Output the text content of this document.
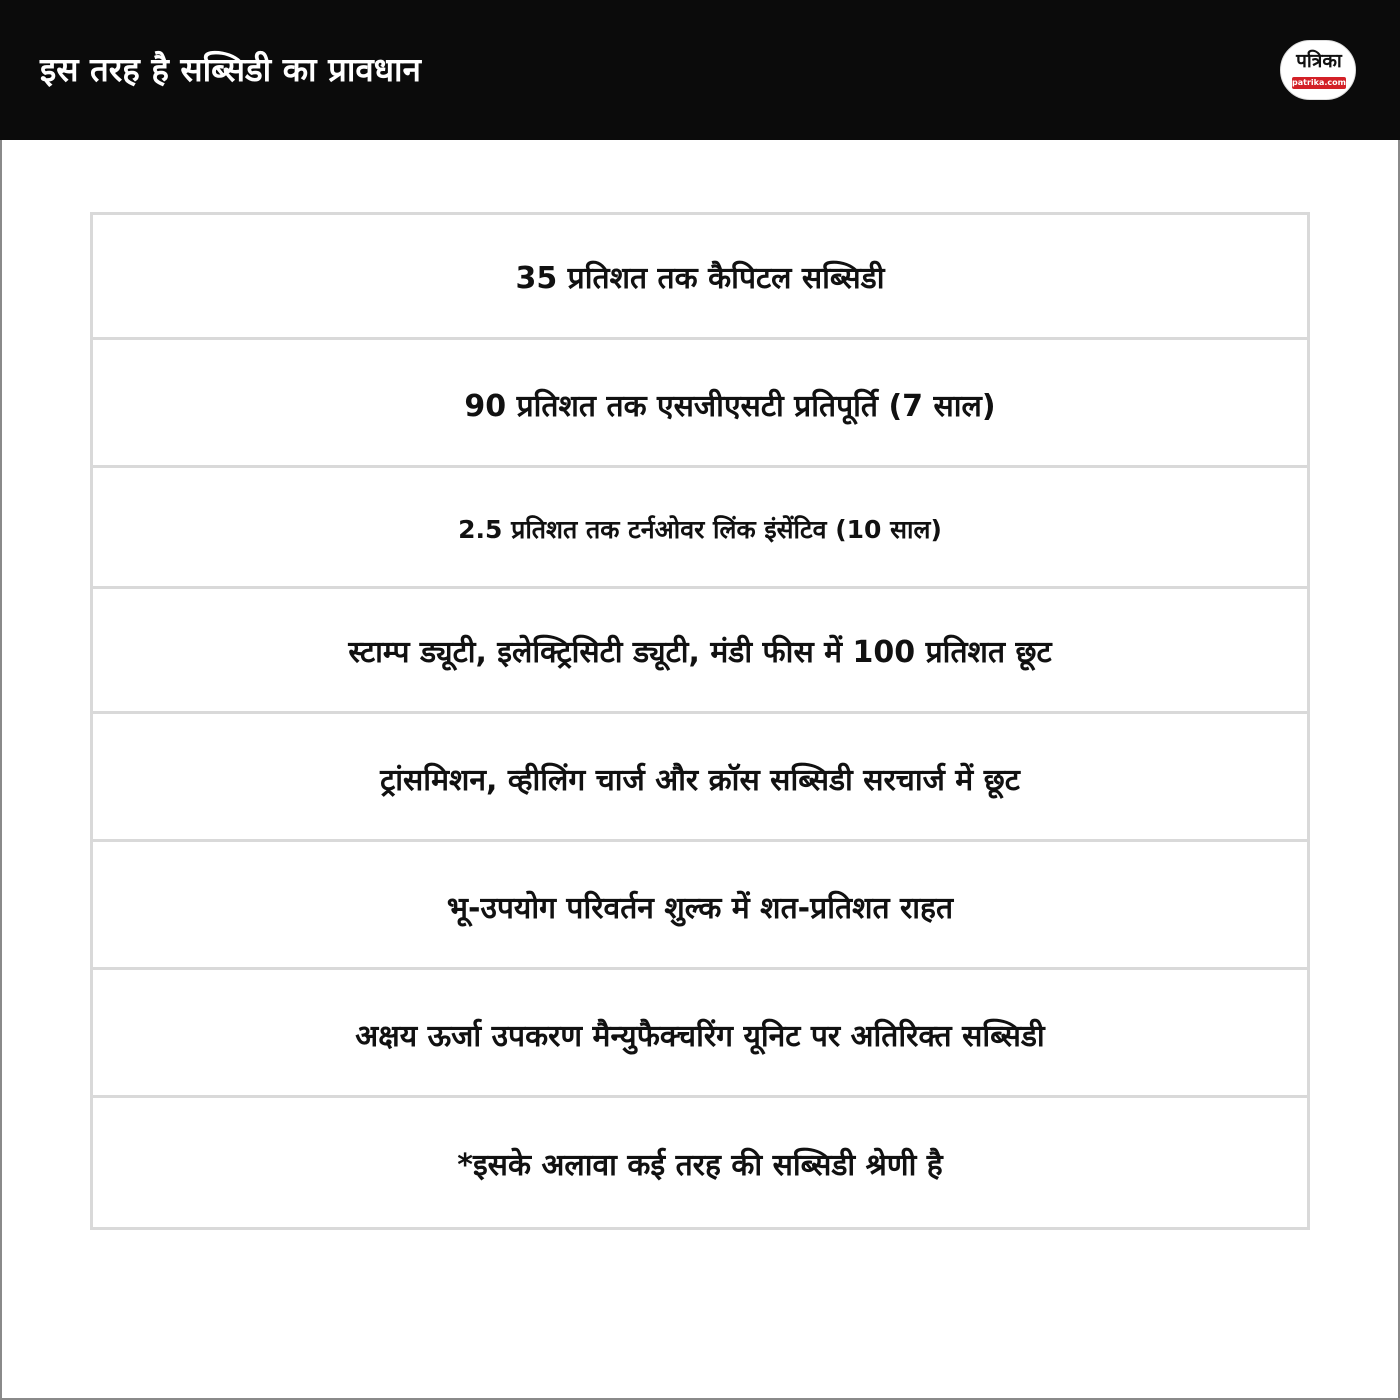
इस तरह है सब्सिडी का प्रावधान	पत्रिका
patrika.com
35 प्रतिशत तक कैपिटल सब्सिडी
90 प्रतिशत तक एसजीएसटी प्रतिपूर्ति (7 साल)
2.5 प्रतिशत तक टर्नओवर लिंक इंसेंटिव (10 साल)
स्टाम्प ड्यूटी, इलेक्ट्रिसिटी ड्यूटी, मंडी फीस में 100 प्रतिशत छूट
ट्रांसमिशन, व्हीलिंग चार्ज और क्रॉस सब्सिडी सरचार्ज में छूट
भू-उपयोग परिवर्तन शुल्क में शत-प्रतिशत राहत
अक्षय ऊर्जा उपकरण मैन्युफैक्चरिंग यूनिट पर अतिरिक्त सब्सिडी
*इसके अलावा कई तरह की सब्सिडी श्रेणी है
